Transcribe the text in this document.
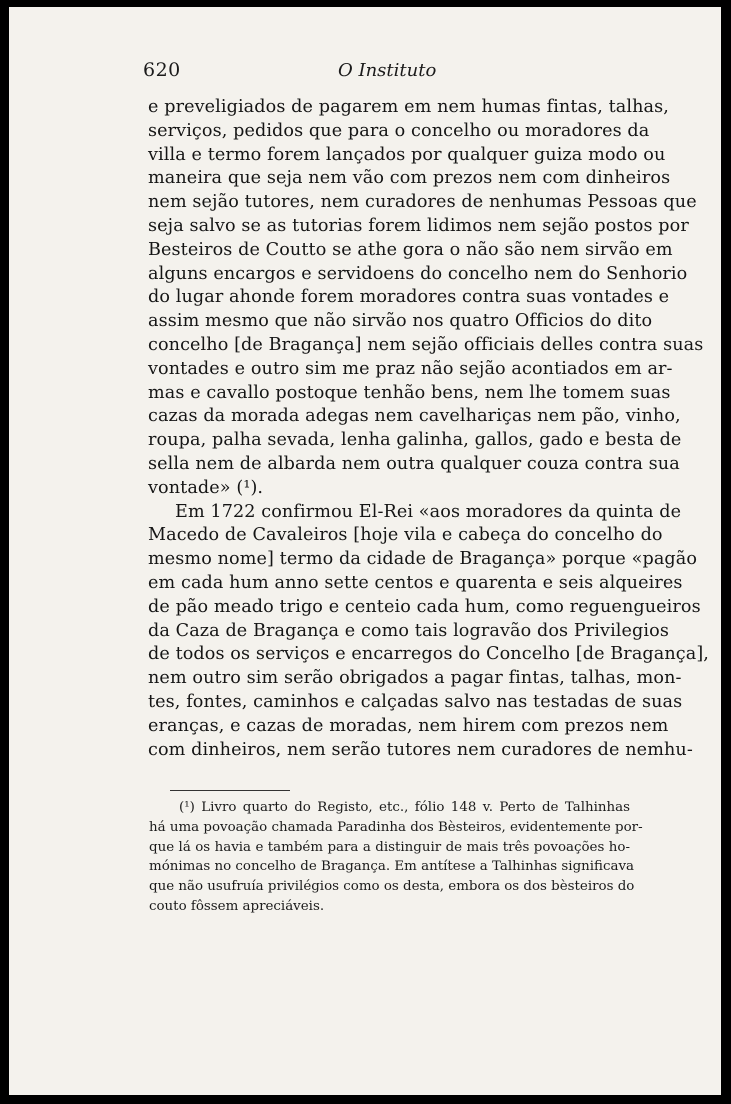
620	O Instituto
e preveligiados de pagarem em nem humas fintas, talhas,
serviços, pedidos que para o concelho ou moradores da
villa e termo forem lançados por qualquer guiza modo ou
maneira que seja nem vão com prezos nem com dinheiros
nem sejão tutores, nem curadores de nenhumas Pessoas que
seja salvo se as tutorias forem lidimos nem sejão postos por
Besteiros de Coutto se athe gora o não são nem sirvão em
alguns encargos e servidoens do concelho nem do Senhorio
do lugar ahonde forem moradores contra suas vontades e
assim mesmo que não sirvão nos quatro Officios do dito
concelho [de Bragança] nem sejão officiais delles contra suas
vontades e outro sim me praz não sejão acontiados em ar-
mas e cavallo postoque tenhão bens, nem lhe tomem suas
cazas da morada adegas nem cavelhariças nem pão, vinho,
roupa, palha sevada, lenha galinha, gallos, gado e besta de
sella nem de albarda nem outra qualquer couza contra sua
vontade» (¹).
Em 1722 confirmou El-Rei «aos moradores da quinta de
Macedo de Cavaleiros [hoje vila e cabeça do concelho do
mesmo nome] termo da cidade de Bragança» porque «pagão
em cada hum anno sette centos e quarenta e seis alqueires
de pão meado trigo e centeio cada hum, como reguengueiros
da Caza de Bragança e como tais logravão dos Privilegios
de todos os serviços e encarregos do Concelho [de Bragança],
nem outro sim serão obrigados a pagar fintas, talhas, mon-
tes, fontes, caminhos e calçadas salvo nas testadas de suas
eranças, e cazas de moradas, nem hirem com prezos nem
com dinheiros, nem serão tutores nem curadores de nemhu-
(¹) Livro quarto do Registo, etc., fólio 148 v. Perto de Talhinhas
há uma povoação chamada Paradinha dos Bèsteiros, evidentemente por-
que lá os havia e também para a distinguir de mais três povoações ho-
mónimas no concelho de Bragança. Em antítese a Talhinhas significava
que não usufruía privilégios como os desta, embora os dos bèsteiros do
couto fôssem apreciáveis.
